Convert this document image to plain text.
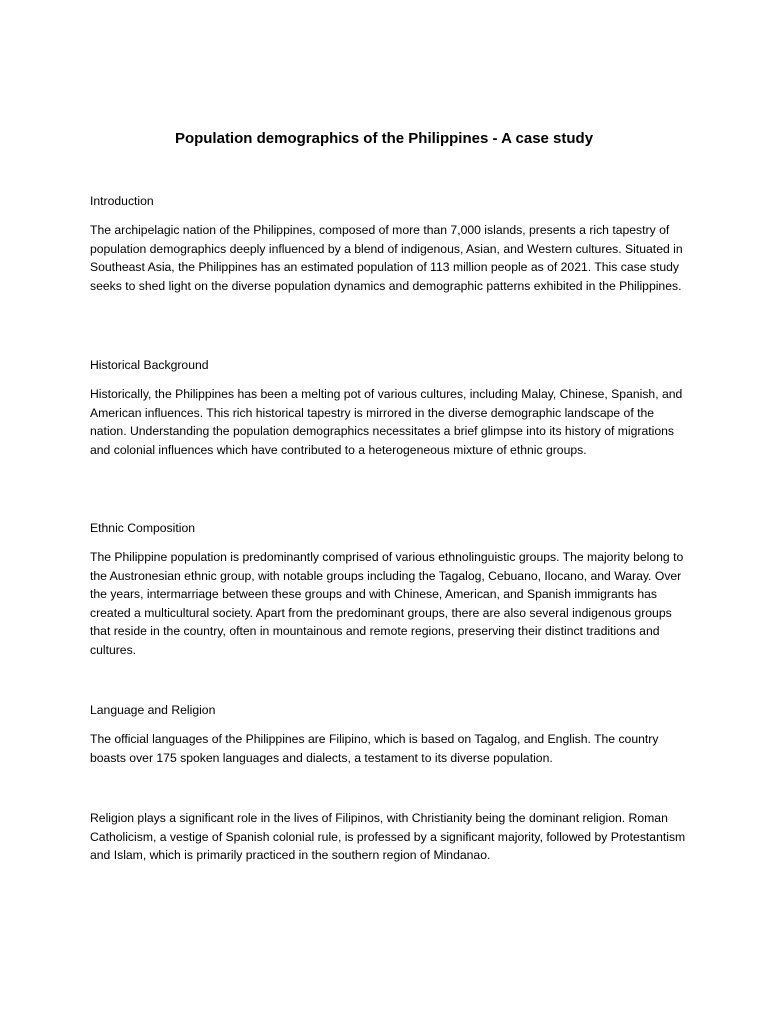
Population demographics of the Philippines - A case study
Introduction

The archipelagic nation of the Philippines, composed of more than 7,000 islands, presents a rich tapestry of population demographics deeply influenced by a blend of indigenous, Asian, and Western cultures. Situated in Southeast Asia, the Philippines has an estimated population of 113 million people as of 2021. This case study seeks to shed light on the diverse population dynamics and demographic patterns exhibited in the Philippines.

Historical Background

Historically, the Philippines has been a melting pot of various cultures, including Malay, Chinese, Spanish, and American influences. This rich historical tapestry is mirrored in the diverse demographic landscape of the nation. Understanding the population demographics necessitates a brief glimpse into its history of migrations and colonial influences which have contributed to a heterogeneous mixture of ethnic groups.

Ethnic Composition

The Philippine population is predominantly comprised of various ethnolinguistic groups. The majority belong to the Austronesian ethnic group, with notable groups including the Tagalog, Cebuano, Ilocano, and Waray. Over the years, intermarriage between these groups and with Chinese, American, and Spanish immigrants has created a multicultural society. Apart from the predominant groups, there are also several indigenous groups that reside in the country, often in mountainous and remote regions, preserving their distinct traditions and cultures.

Language and Religion

The official languages of the Philippines are Filipino, which is based on Tagalog, and English. The country boasts over 175 spoken languages and dialects, a testament to its diverse population.

Religion plays a significant role in the lives of Filipinos, with Christianity being the dominant religion. Roman Catholicism, a vestige of Spanish colonial rule, is professed by a significant majority, followed by Protestantism and Islam, which is primarily practiced in the southern region of Mindanao.
